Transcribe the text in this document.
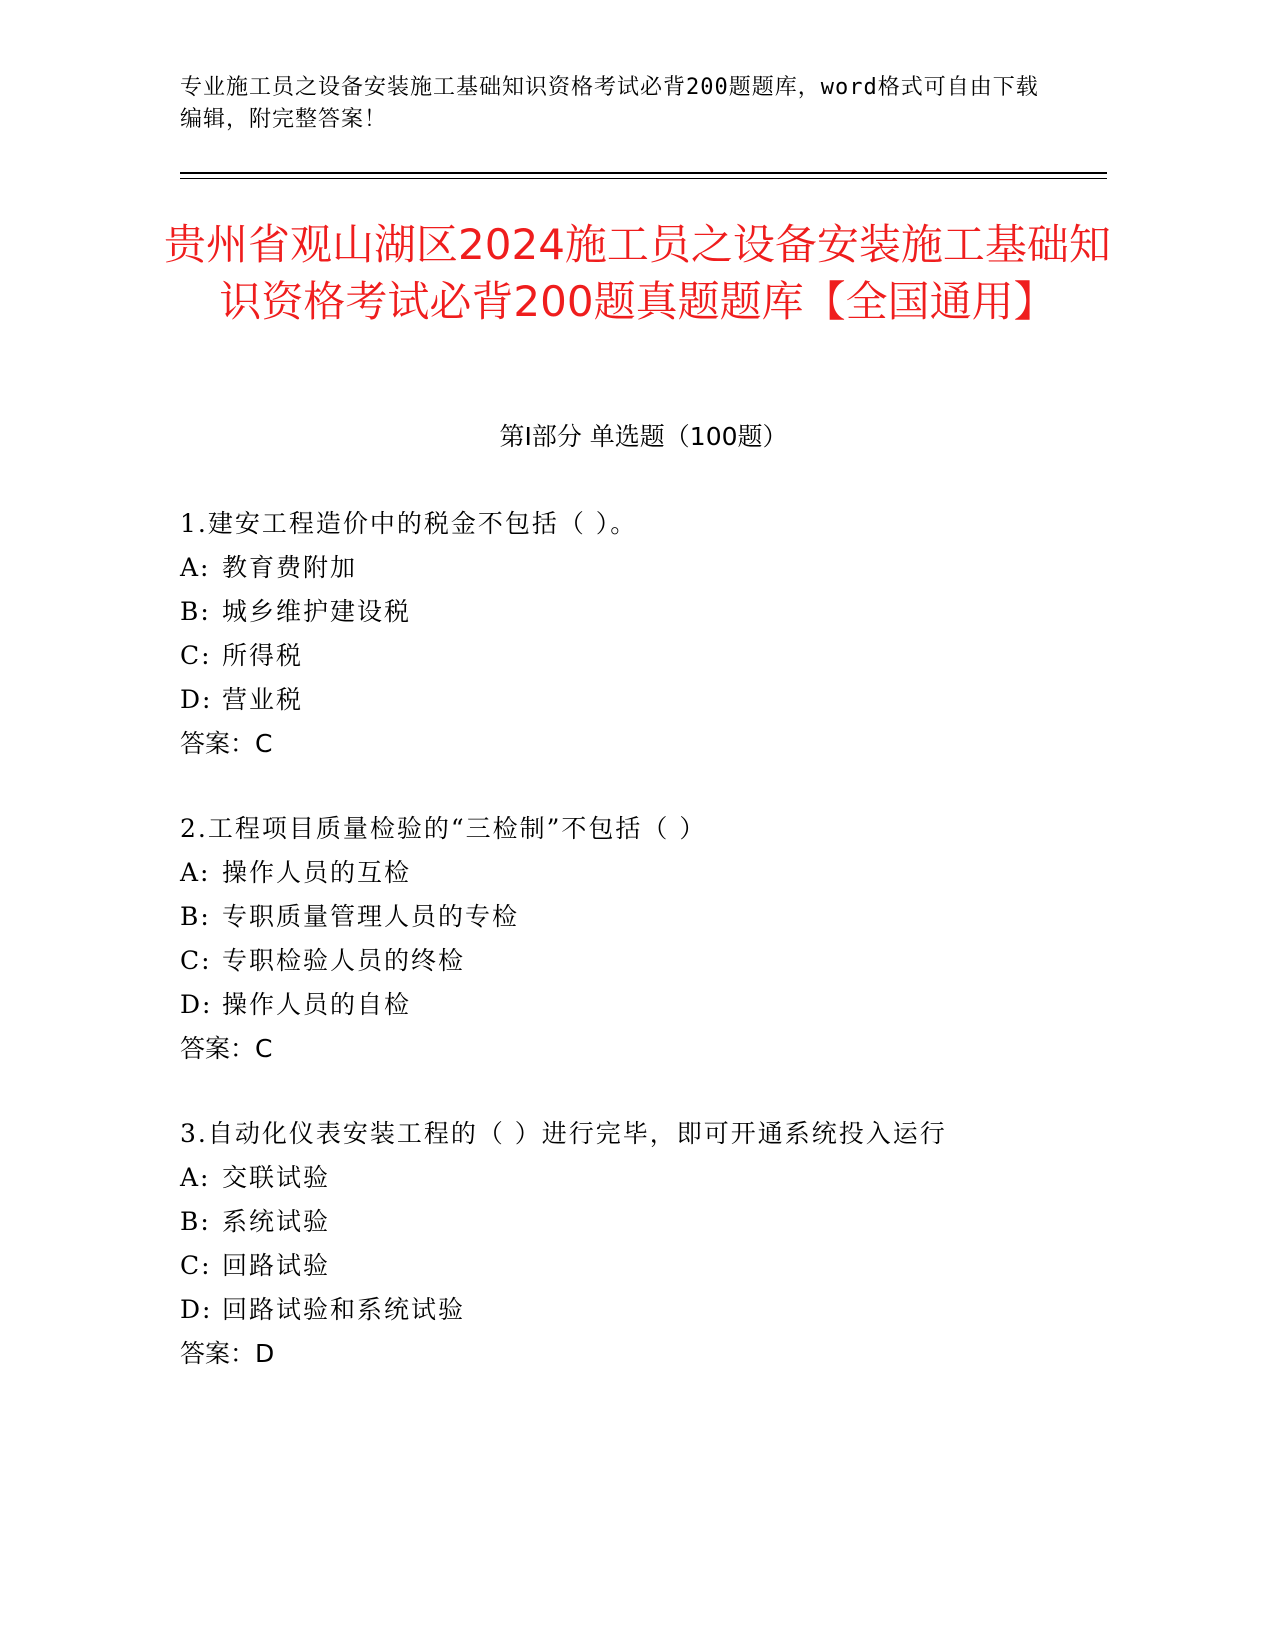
专业施工员之设备安装施工基础知识资格考试必背200题题库，word格式可自由下载编辑，附完整答案！
贵州省观山湖区2024施工员之设备安装施工基础知识资格考试必背200题真题题库【全国通用】
第I部分 单选题（100题）
1.建安工程造价中的税金不包括（ ）。
A: 教育费附加
B: 城乡维护建设税
C: 所得税
D: 营业税
答案：C
2.工程项目质量检验的“三检制”不包括（ ）
A: 操作人员的互检
B: 专职质量管理人员的专检
C: 专职检验人员的终检
D: 操作人员的自检
答案：C
3.自动化仪表安装工程的（ ）进行完毕，即可开通系统投入运行
A: 交联试验
B: 系统试验
C: 回路试验
D: 回路试验和系统试验
答案：D
